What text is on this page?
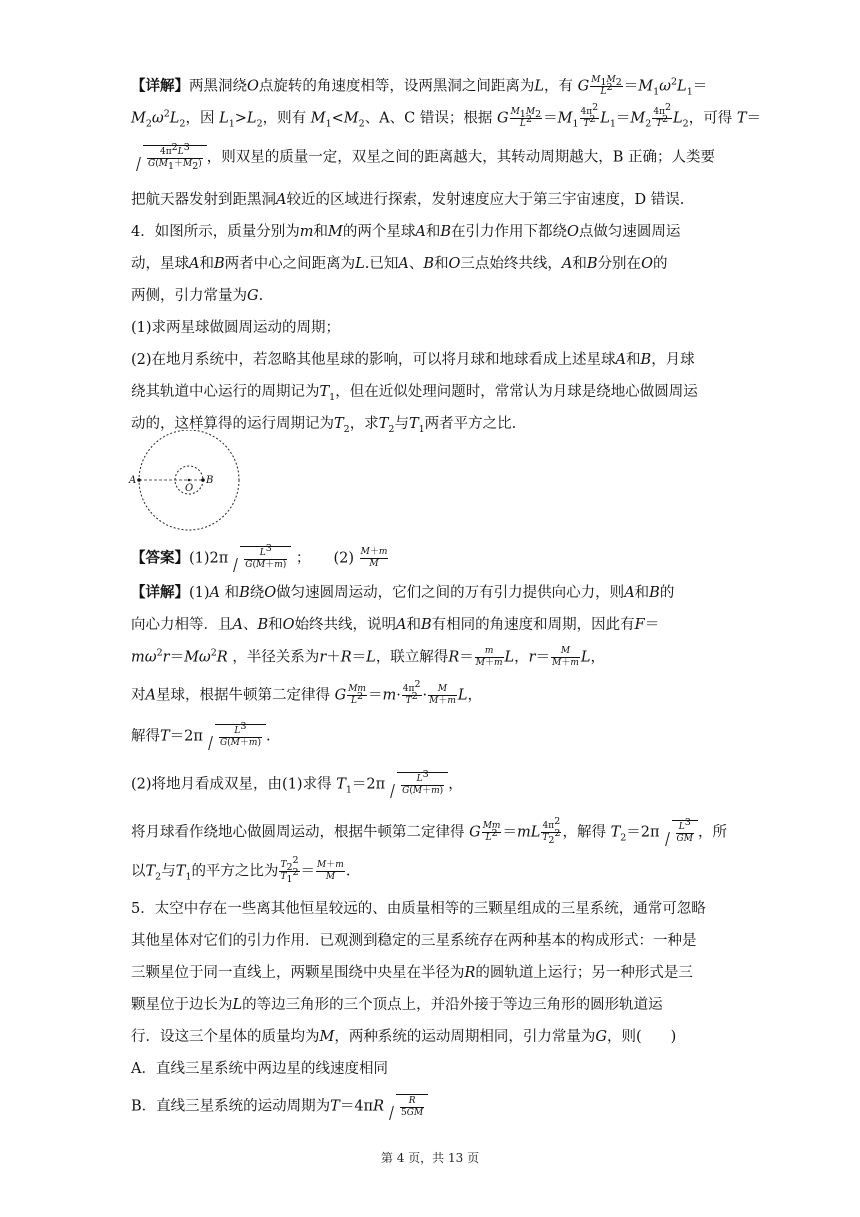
【详解】两黑洞绕O点旋转的角速度相等，设两黑洞之间距离为L，有 G $\frac{M_1M_2}{L^2} =M_1\omega^2L_1=$
$M_2\omega^2L_2$，因 $L_1>L_2$，则有 $M_1<M_2$、A、C 错误；根据 G $\frac{M_1M_2}{L^2} =M_1 \frac{4\pi^2}{T^2} L_1=M_2 \frac{4\pi^2}{T^2} L_2$，可得 T＝
$\frac{4\pi^2L^3}{G(M_1+M_2)}$ ，则双星的质量一定，双星之间的距离越大，其转动周期越大，B 正确；人类要
把航天器发射到距黑洞A较近的区域进行探索，发射速度应大于第三宇宙速度，D 错误.
4．如图所示，质量分别为m和M的两个星球A和B在引力作用下都绕O点做匀速圆周运
动，星球A和B两者中心之间距离为L.已知A、B和O三点始终共线，A和B分别在O的
两侧，引力常量为G.
(1)求两星球做圆周运动的周期；
(2)在地月系统中，若忽略其他星球的影响，可以将月球和地球看成上述星球A和B，月球
绕其轨道中心运行的周期记为$T_1$，但在近似处理问题时，常常认为月球是绕地心做圆周运
动的，这样算得的运行周期记为$T_2$，求$T_2$与$T_1$两者平方之比.
A	B
O
【答案】$(1)2\pi \frac{L^3}{G(M+m)}$ ； $(2) \frac{M+m}{M}$
【详解】(1)A 和B绕O做匀速圆周运动，它们之间的万有引力提供向心力，则A和B的
向心力相等．且A、B和O始终共线，说明A和B有相同的角速度和周期，因此有F＝
$m\omega^2r=M\omega^2R$ ，半径关系为r＋R＝L，联立解得$R= \frac{m}{M+m}$ L，$r= \frac{M}{M+m}$ L，
对A星球，根据牛顿第二定律得 G $\frac{Mm}{L^2} =m\cdot \frac{4\pi^2}{T^2} \cdot \frac{M}{M+m}$ L，
解得$T=2\pi \frac{L^3}{G(M+m)}$ .
(2)将地月看成双星，由(1)求得 $T_1=2\pi \frac{L^3}{G(M+m)}$ ，
将月球看作绕地心做圆周运动，根据牛顿第二定律得 G $\frac{Mm}{L^2} =mL \frac{4\pi^2}{T_2^2}$ ，解得 $T_2=2\pi \frac{L^3}{GM}$ ，所
以$T_2$与$T_1$的平方之比为 $\frac{T_2^2}{T_1^2} = \frac{M+m}{M}$ .
5．太空中存在一些离其他恒星较远的、由质量相等的三颗星组成的三星系统，通常可忽略
其他星体对它们的引力作用．已观测到稳定的三星系统存在两种基本的构成形式：一种是
三颗星位于同一直线上，两颗星围绕中央星在半径为R的圆轨道上运行；另一种形式是三
颗星位于边长为L的等边三角形的三个顶点上，并沿外接于等边三角形的圆形轨道运
行．设这三个星体的质量均为M，两种系统的运动周期相同，引力常量为G，则(　　)
A．直线三星系统中两边星的线速度相同
B．直线三星系统的运动周期为$T=4\pi R \frac{R}{5GM}$
第 4 页，共 13 页
